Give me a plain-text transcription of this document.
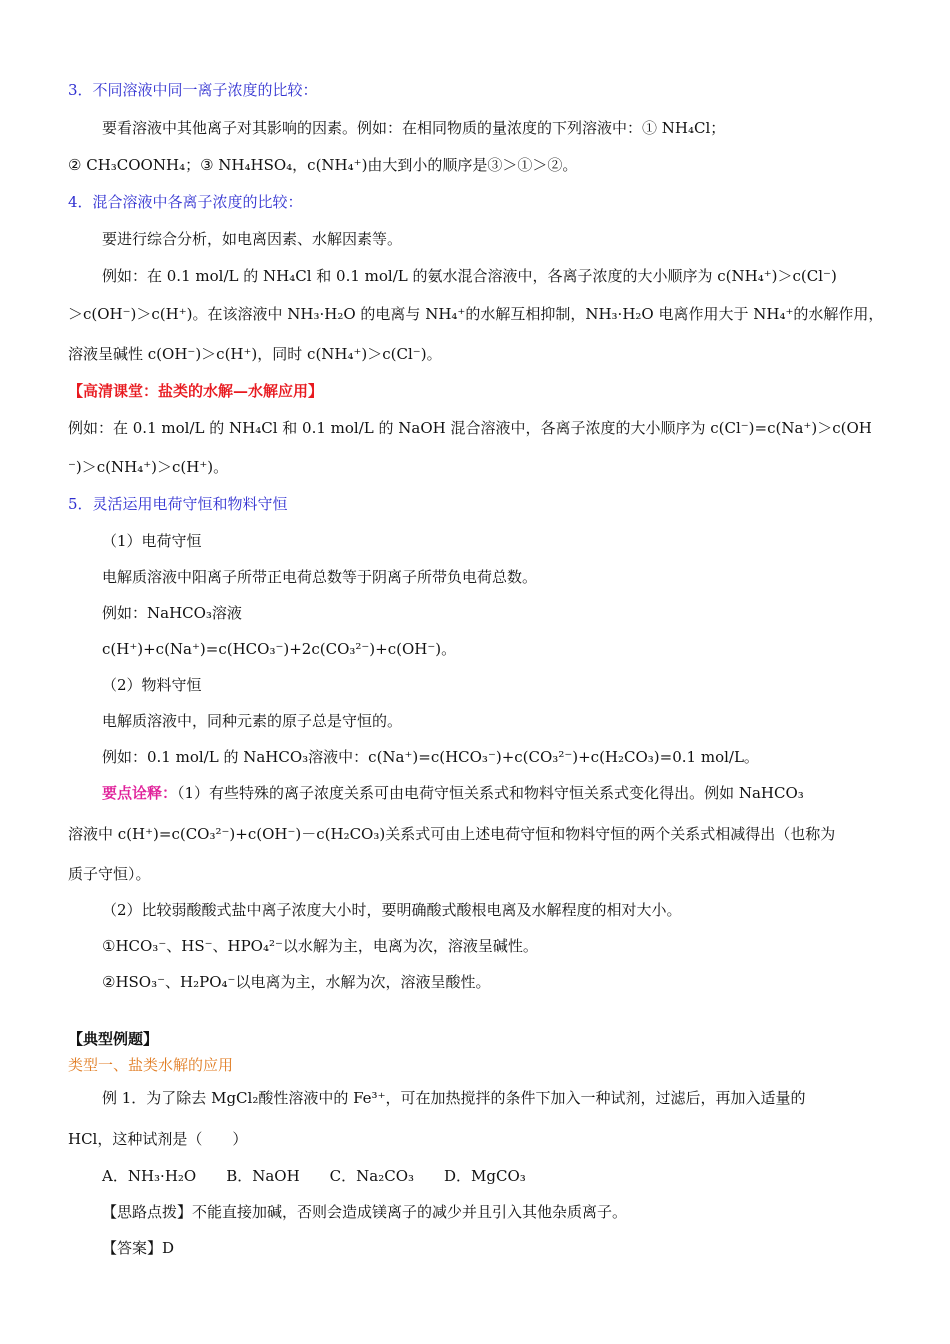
3．不同溶液中同一离子浓度的比较：
要看溶液中其他离子对其影响的因素。例如：在相同物质的量浓度的下列溶液中：① NH₄Cl；
② CH₃COONH₄；③ NH₄HSO₄，c(NH₄⁺)由大到小的顺序是③＞①＞②。
4．混合溶液中各离子浓度的比较：
要进行综合分析，如电离因素、水解因素等。
例如：在 0.1 mol/L 的 NH₄Cl 和 0.1 mol/L 的氨水混合溶液中，各离子浓度的大小顺序为 c(NH₄⁺)＞c(Cl⁻)
＞c(OH⁻)＞c(H⁺)。在该溶液中 NH₃·H₂O 的电离与 NH₄⁺的水解互相抑制，NH₃·H₂O 电离作用大于 NH₄⁺的水解作用，
溶液呈碱性 c(OH⁻)＞c(H⁺)，同时 c(NH₄⁺)＞c(Cl⁻)。
【高清课堂：盐类的水解—水解应用】
例如：在 0.1 mol/L 的 NH₄Cl 和 0.1 mol/L 的 NaOH 混合溶液中，各离子浓度的大小顺序为 c(Cl⁻)=c(Na⁺)＞c(OH
⁻)＞c(NH₄⁺)＞c(H⁺)。
5．灵活运用电荷守恒和物料守恒
（1）电荷守恒
电解质溶液中阳离子所带正电荷总数等于阴离子所带负电荷总数。
例如：NaHCO₃溶液
c(H⁺)+c(Na⁺)=c(HCO₃⁻)+2c(CO₃²⁻)+c(OH⁻)。
（2）物料守恒
电解质溶液中，同种元素的原子总是守恒的。
例如：0.1 mol/L 的 NaHCO₃溶液中：c(Na⁺)=c(HCO₃⁻)+c(CO₃²⁻)+c(H₂CO₃)=0.1 mol/L。
要点诠释：（1）有些特殊的离子浓度关系可由电荷守恒关系式和物料守恒关系式变化得出。例如 NaHCO₃
溶液中 c(H⁺)=c(CO₃²⁻)+c(OH⁻)－c(H₂CO₃)关系式可由上述电荷守恒和物料守恒的两个关系式相减得出（也称为
质子守恒）。
（2）比较弱酸酸式盐中离子浓度大小时，要明确酸式酸根电离及水解程度的相对大小。
①HCO₃⁻、HS⁻、HPO₄²⁻以水解为主，电离为次，溶液呈碱性。
②HSO₃⁻、H₂PO₄⁻以电离为主，水解为次，溶液呈酸性。
【典型例题】
类型一、盐类水解的应用
例 1．为了除去 MgCl₂酸性溶液中的 Fe³⁺，可在加热搅拌的条件下加入一种试剂，过滤后，再加入适量的
HCl，这种试剂是（　　）
A．NH₃·H₂O　　B．NaOH　　C．Na₂CO₃　　D．MgCO₃
【思路点拨】不能直接加碱，否则会造成镁离子的减少并且引入其他杂质离子。
【答案】D
